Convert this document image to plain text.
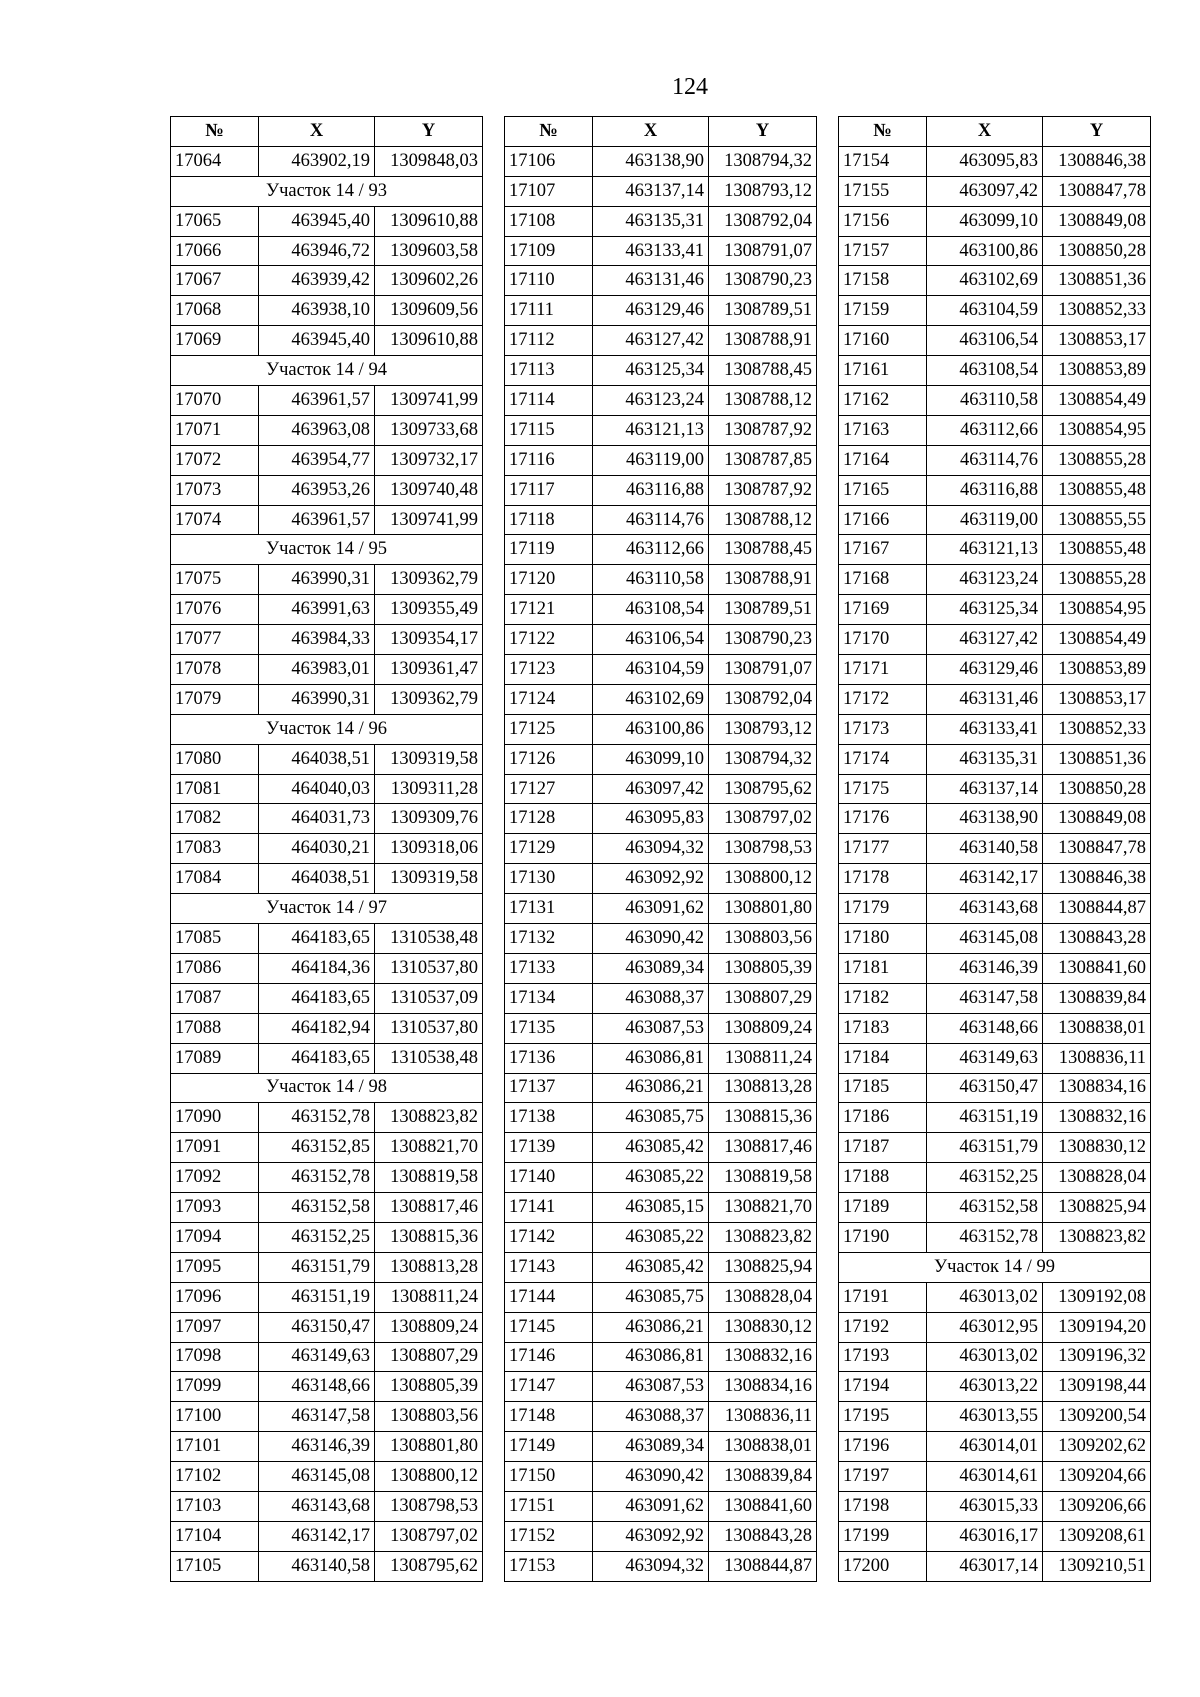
124
№	X	Y
17064	463902,19	1309848,03
Участок 14 / 93		
17065	463945,40	1309610,88
17066	463946,72	1309603,58
17067	463939,42	1309602,26
17068	463938,10	1309609,56
17069	463945,40	1309610,88
Участок 14 / 94		
17070	463961,57	1309741,99
17071	463963,08	1309733,68
17072	463954,77	1309732,17
17073	463953,26	1309740,48
17074	463961,57	1309741,99
Участок 14 / 95		
17075	463990,31	1309362,79
17076	463991,63	1309355,49
17077	463984,33	1309354,17
17078	463983,01	1309361,47
17079	463990,31	1309362,79
Участок 14 / 96		
17080	464038,51	1309319,58
17081	464040,03	1309311,28
17082	464031,73	1309309,76
17083	464030,21	1309318,06
17084	464038,51	1309319,58
Участок 14 / 97		
17085	464183,65	1310538,48
17086	464184,36	1310537,80
17087	464183,65	1310537,09
17088	464182,94	1310537,80
17089	464183,65	1310538,48
Участок 14 / 98		
17090	463152,78	1308823,82
17091	463152,85	1308821,70
17092	463152,78	1308819,58
17093	463152,58	1308817,46
17094	463152,25	1308815,36
17095	463151,79	1308813,28
17096	463151,19	1308811,24
17097	463150,47	1308809,24
17098	463149,63	1308807,29
17099	463148,66	1308805,39
17100	463147,58	1308803,56
17101	463146,39	1308801,80
17102	463145,08	1308800,12
17103	463143,68	1308798,53
17104	463142,17	1308797,02
17105	463140,58	1308795,62
№	X	Y
17106	463138,90	1308794,32
17107	463137,14	1308793,12
17108	463135,31	1308792,04
17109	463133,41	1308791,07
17110	463131,46	1308790,23
17111	463129,46	1308789,51
17112	463127,42	1308788,91
17113	463125,34	1308788,45
17114	463123,24	1308788,12
17115	463121,13	1308787,92
17116	463119,00	1308787,85
17117	463116,88	1308787,92
17118	463114,76	1308788,12
17119	463112,66	1308788,45
17120	463110,58	1308788,91
17121	463108,54	1308789,51
17122	463106,54	1308790,23
17123	463104,59	1308791,07
17124	463102,69	1308792,04
17125	463100,86	1308793,12
17126	463099,10	1308794,32
17127	463097,42	1308795,62
17128	463095,83	1308797,02
17129	463094,32	1308798,53
17130	463092,92	1308800,12
17131	463091,62	1308801,80
17132	463090,42	1308803,56
17133	463089,34	1308805,39
17134	463088,37	1308807,29
17135	463087,53	1308809,24
17136	463086,81	1308811,24
17137	463086,21	1308813,28
17138	463085,75	1308815,36
17139	463085,42	1308817,46
17140	463085,22	1308819,58
17141	463085,15	1308821,70
17142	463085,22	1308823,82
17143	463085,42	1308825,94
17144	463085,75	1308828,04
17145	463086,21	1308830,12
17146	463086,81	1308832,16
17147	463087,53	1308834,16
17148	463088,37	1308836,11
17149	463089,34	1308838,01
17150	463090,42	1308839,84
17151	463091,62	1308841,60
17152	463092,92	1308843,28
17153	463094,32	1308844,87
№	X	Y
17154	463095,83	1308846,38
17155	463097,42	1308847,78
17156	463099,10	1308849,08
17157	463100,86	1308850,28
17158	463102,69	1308851,36
17159	463104,59	1308852,33
17160	463106,54	1308853,17
17161	463108,54	1308853,89
17162	463110,58	1308854,49
17163	463112,66	1308854,95
17164	463114,76	1308855,28
17165	463116,88	1308855,48
17166	463119,00	1308855,55
17167	463121,13	1308855,48
17168	463123,24	1308855,28
17169	463125,34	1308854,95
17170	463127,42	1308854,49
17171	463129,46	1308853,89
17172	463131,46	1308853,17
17173	463133,41	1308852,33
17174	463135,31	1308851,36
17175	463137,14	1308850,28
17176	463138,90	1308849,08
17177	463140,58	1308847,78
17178	463142,17	1308846,38
17179	463143,68	1308844,87
17180	463145,08	1308843,28
17181	463146,39	1308841,60
17182	463147,58	1308839,84
17183	463148,66	1308838,01
17184	463149,63	1308836,11
17185	463150,47	1308834,16
17186	463151,19	1308832,16
17187	463151,79	1308830,12
17188	463152,25	1308828,04
17189	463152,58	1308825,94
17190	463152,78	1308823,82
Участок 14 / 99		
17191	463013,02	1309192,08
17192	463012,95	1309194,20
17193	463013,02	1309196,32
17194	463013,22	1309198,44
17195	463013,55	1309200,54
17196	463014,01	1309202,62
17197	463014,61	1309204,66
17198	463015,33	1309206,66
17199	463016,17	1309208,61
17200	463017,14	1309210,51
